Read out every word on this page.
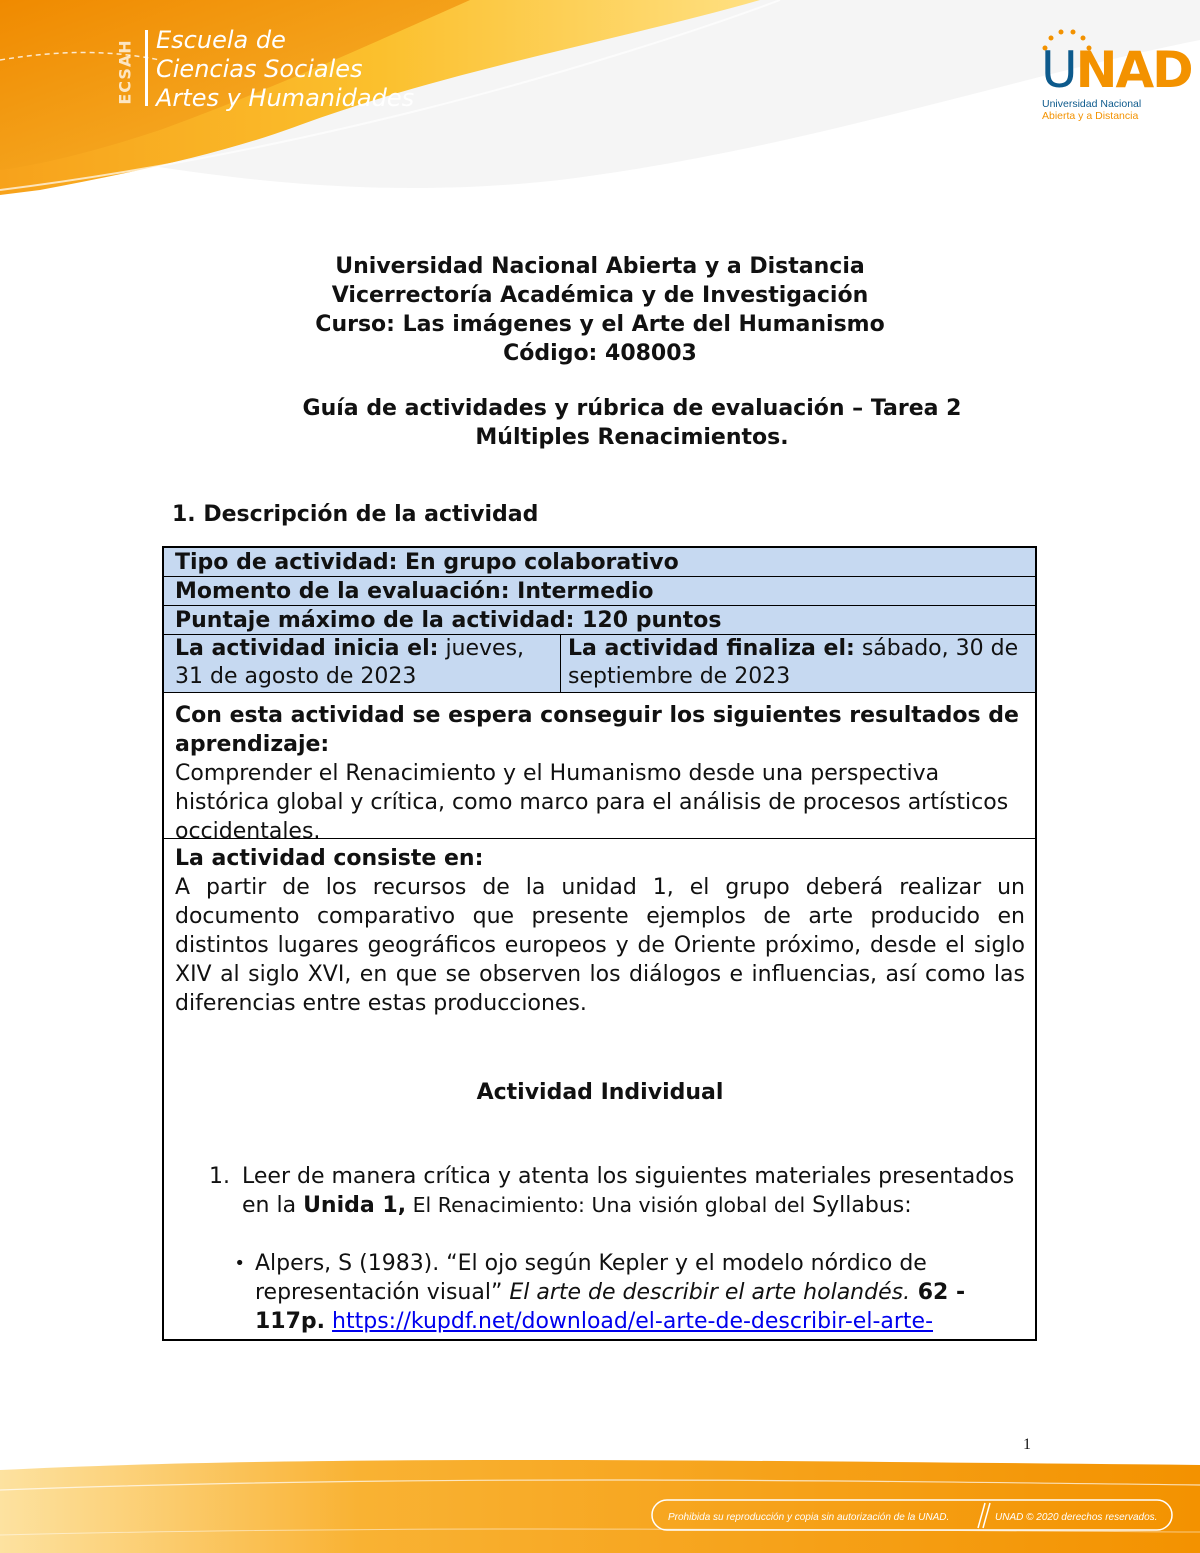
ECSAH Escuela de
Ciencias Sociales
Artes y Humanidades	UNAD
Universidad Nacional
Abierta y a Distancia
Universidad Nacional Abierta y a Distancia
Vicerrectoría Académica y de Investigación
Curso: Las imágenes y el Arte del Humanismo
Código: 408003
Guía de actividades y rúbrica de evaluación – Tarea 2
Múltiples Renacimientos.
1. Descripción de la actividad
Tipo de actividad: En grupo colaborativo
Momento de la evaluación: Intermedio
Puntaje máximo de la actividad: 120 puntos
La actividad inicia el: jueves, 31 de agosto de 2023
La actividad finaliza el: sábado, 30 de septiembre de 2023
Con esta actividad se espera conseguir los siguientes resultados de aprendizaje:
Comprender el Renacimiento y el Humanismo desde una perspectiva histórica global y crítica, como marco para el análisis de procesos artísticos occidentales.
La actividad consiste en:
A partir de los recursos de la unidad 1, el grupo deberá realizar un documento comparativo que presente ejemplos de arte producido en distintos lugares geográficos europeos y de Oriente próximo, desde el siglo XIV al siglo XVI, en que se observen los diálogos e influencias, así como las diferencias entre estas producciones.
Actividad Individual
1. Leer de manera crítica y atenta los siguientes materiales presentados en la Unida 1, El Renacimiento: Una visión global del Syllabus:
• Alpers, S (1983). “El ojo según Kepler y el modelo nórdico de representación visual” El arte de describir el arte holandés. 62 - 117p. https://kupdf.net/download/el-arte-de-describir-el-arte-
1
Prohibida su reproducción y copia sin autorización de la UNAD.	UNAD © 2020 derechos reservados.
